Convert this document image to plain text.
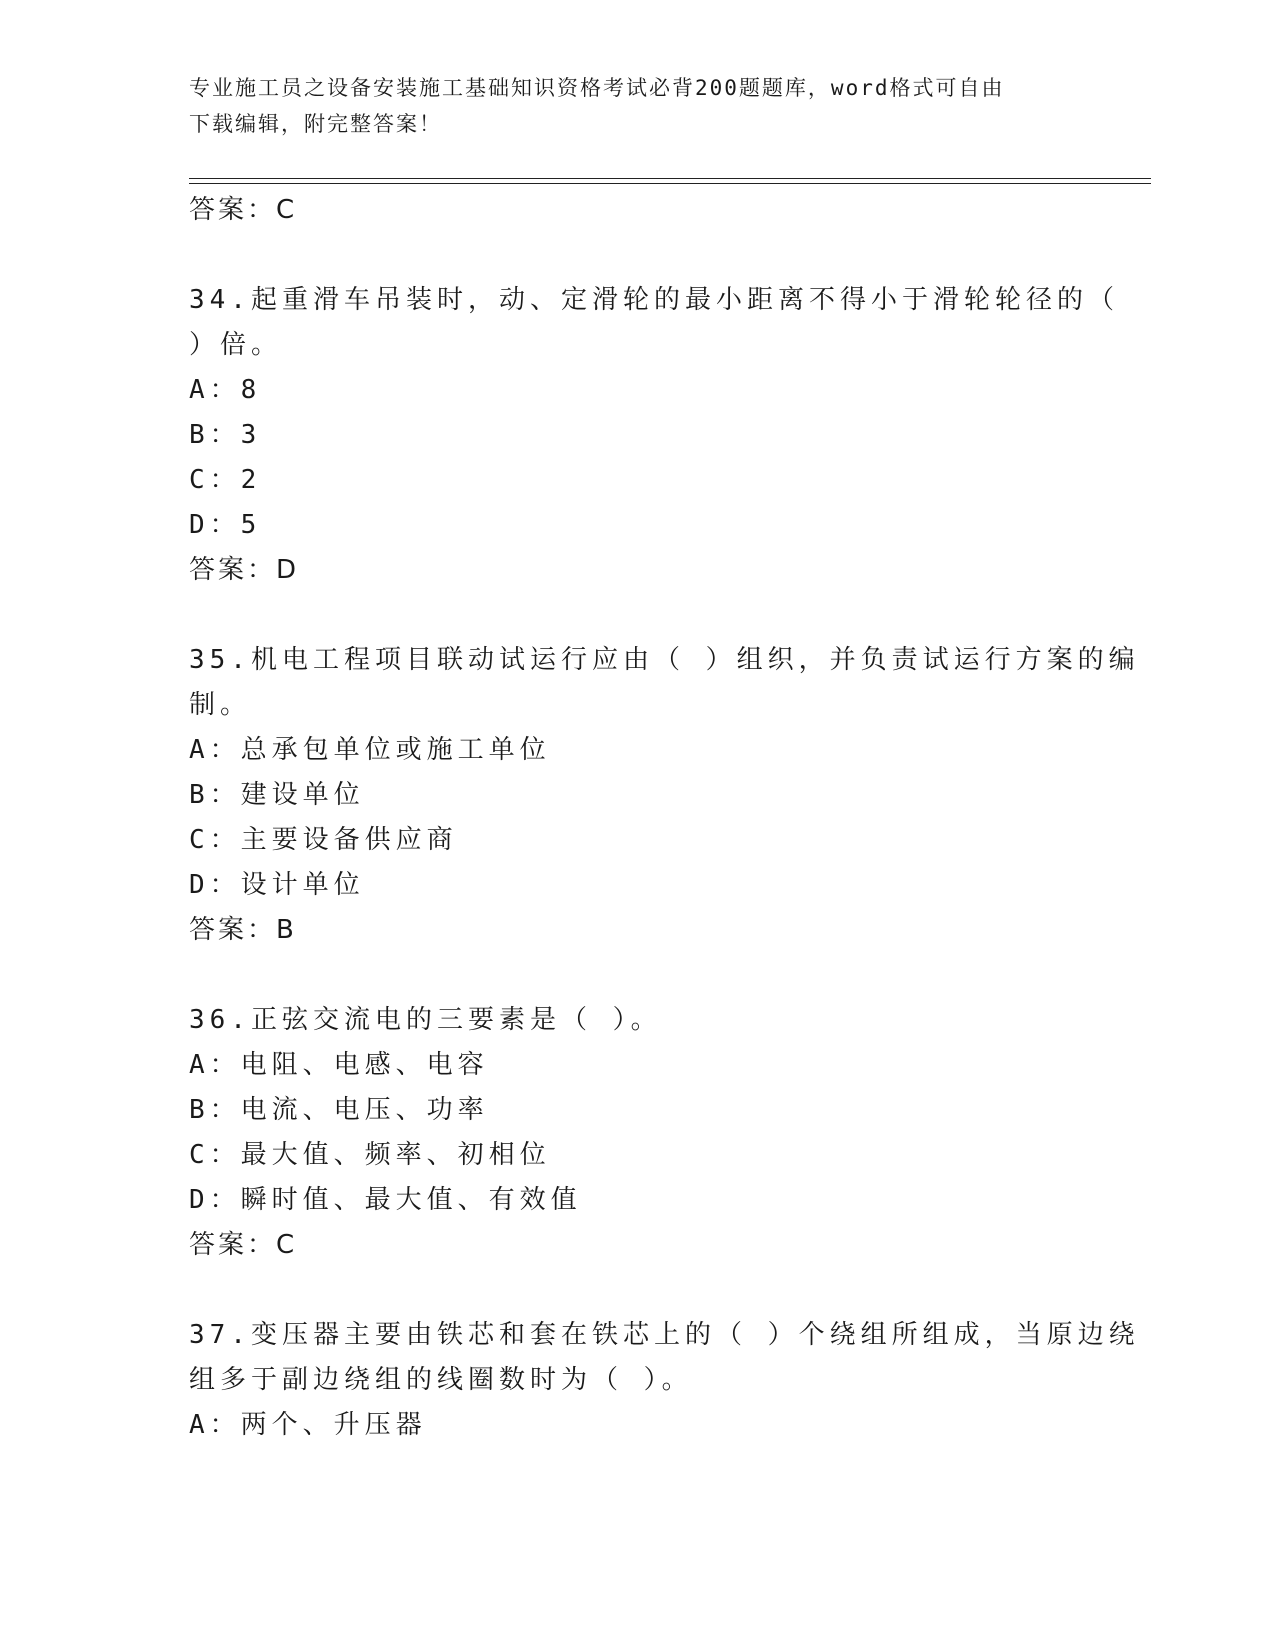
专业施工员之设备安装施工基础知识资格考试必背200题题库，word格式可自由
下载编辑，附完整答案！
答案：C
34.起重滑车吊装时，动、定滑轮的最小距离不得小于滑轮轮径的（
）倍。
A：8
B：3
C：2
D：5
答案：D
35.机电工程项目联动试运行应由（ ）组织，并负责试运行方案的编
制。
A：总承包单位或施工单位
B：建设单位
C：主要设备供应商
D：设计单位
答案：B
36.正弦交流电的三要素是（ ）。
A：电阻、电感、电容
B：电流、电压、功率
C：最大值、频率、初相位
D：瞬时值、最大值、有效值
答案：C
37.变压器主要由铁芯和套在铁芯上的（ ）个绕组所组成，当原边绕
组多于副边绕组的线圈数时为（ ）。
A：两个、升压器
